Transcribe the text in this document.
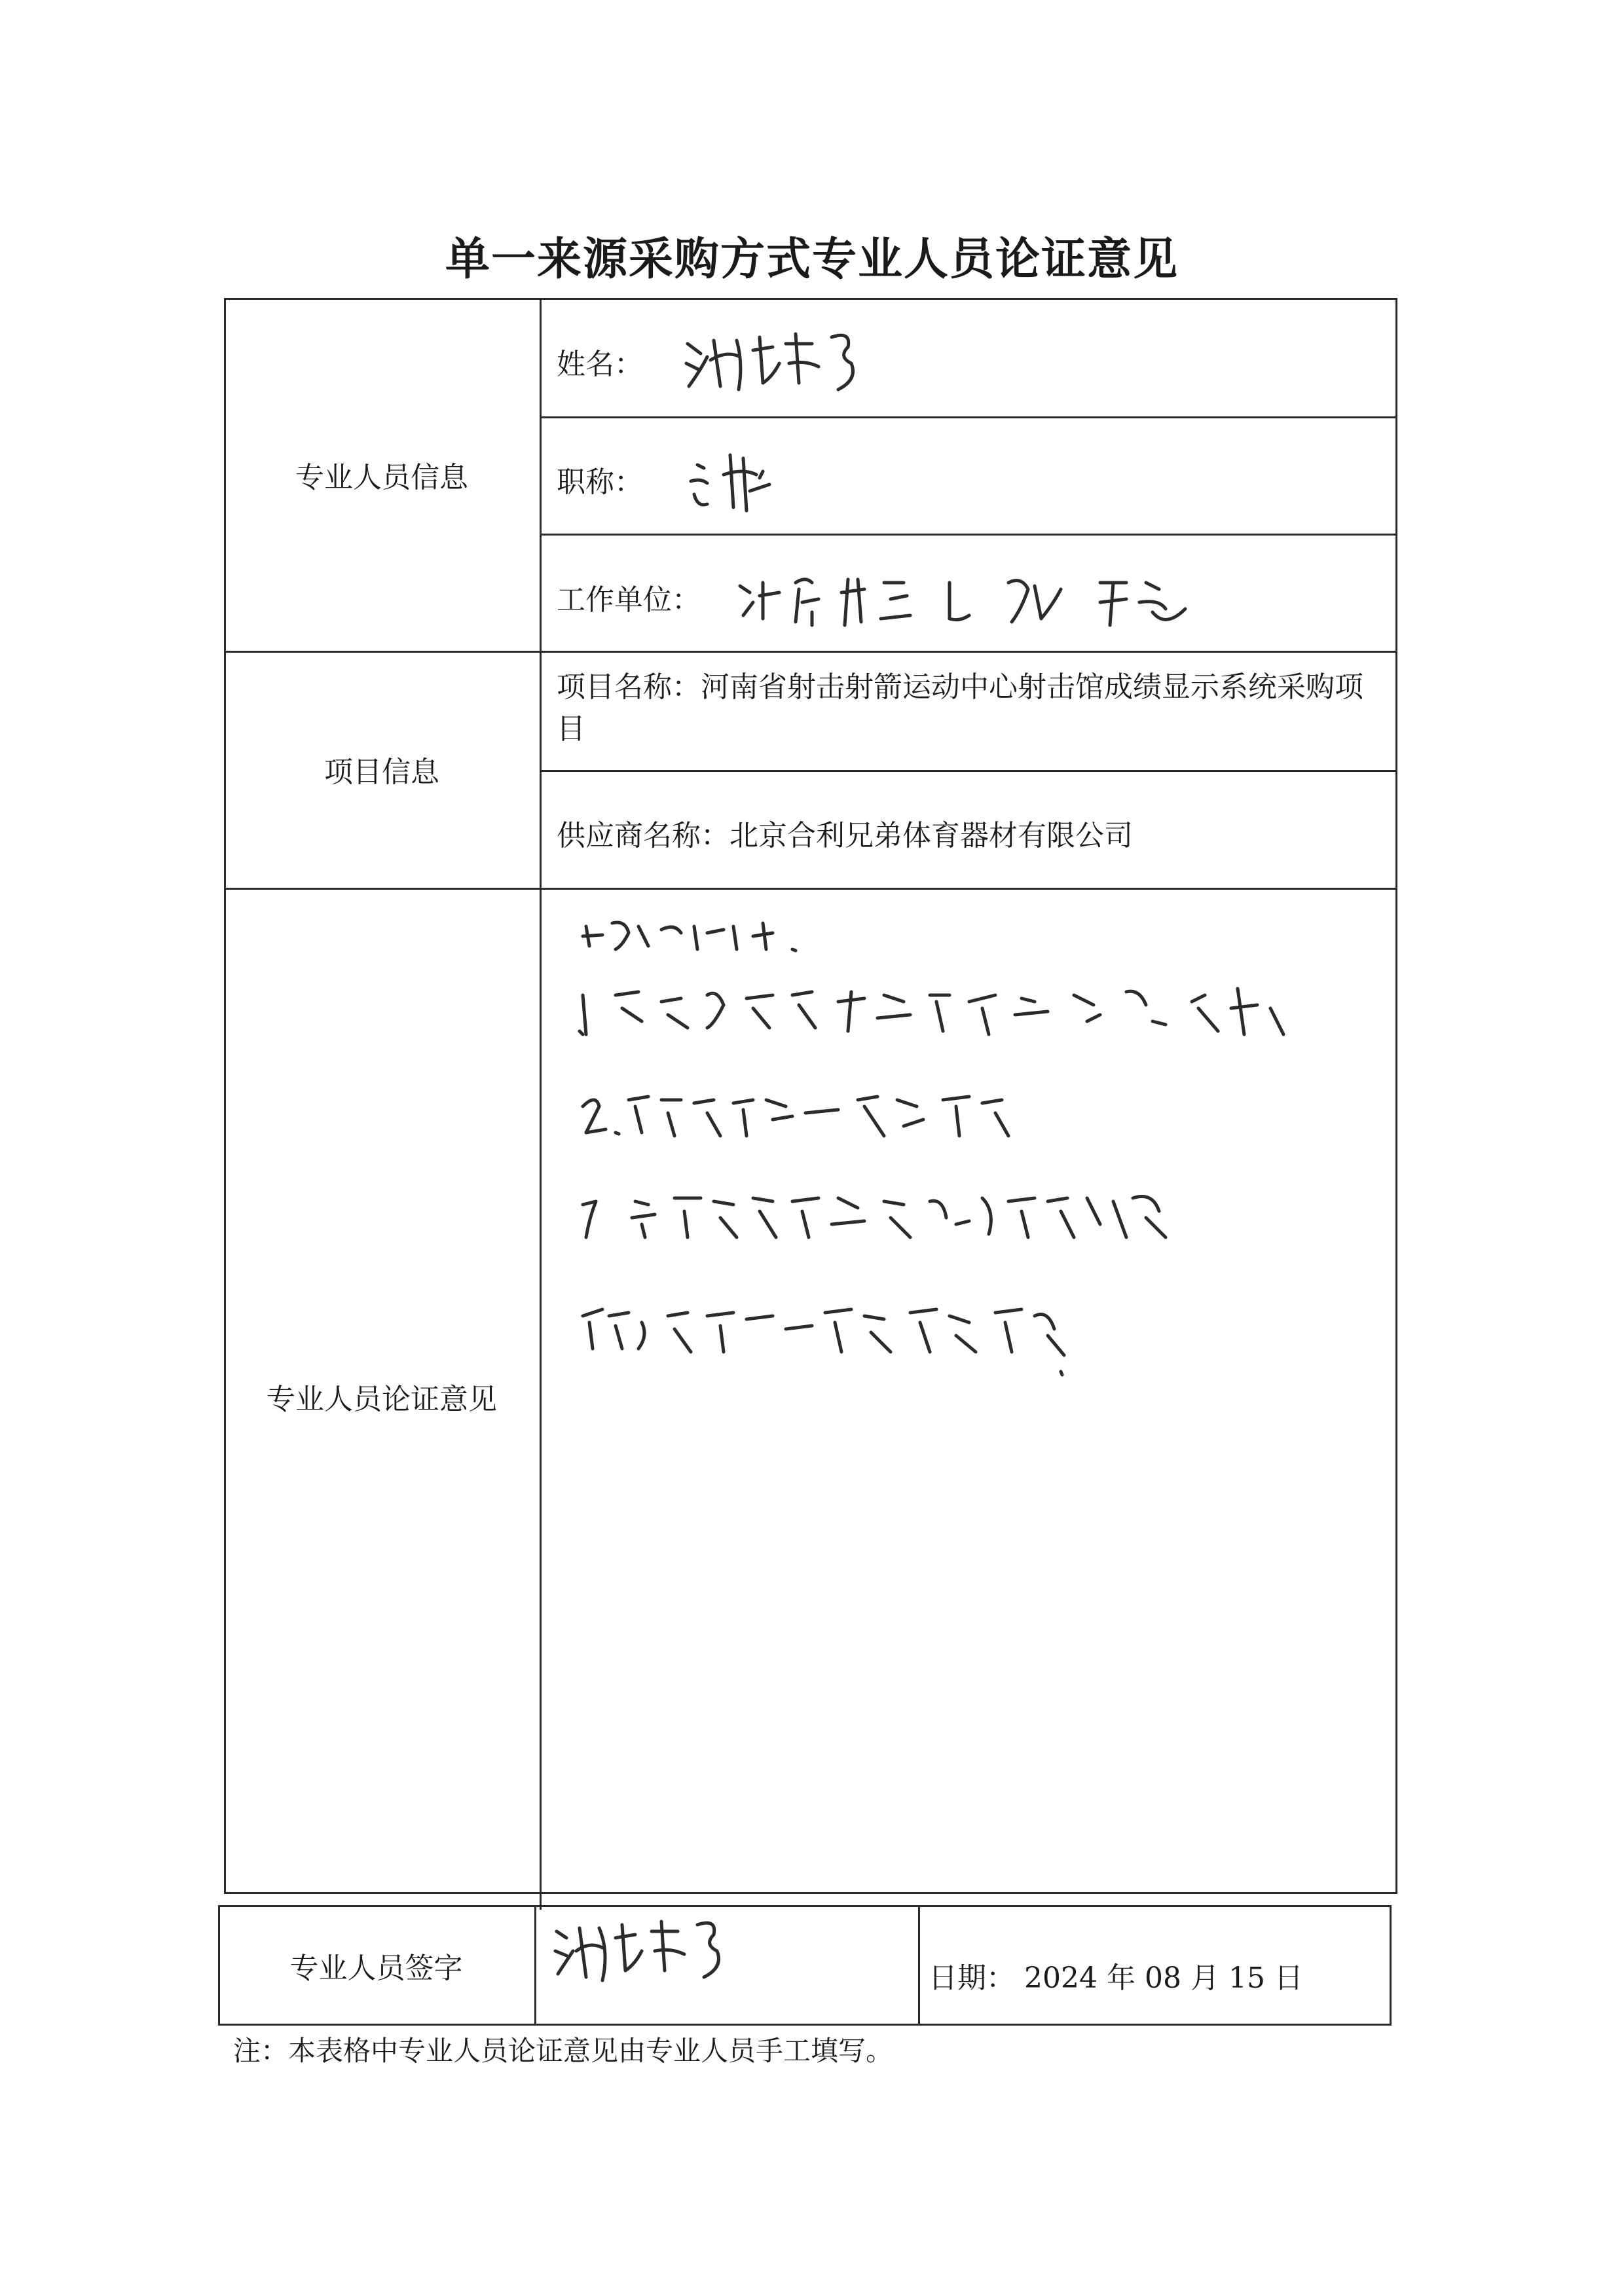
单一来源采购方式专业人员论证意见
专业人员信息
项目信息
专业人员论证意见
专业人员签字
姓名：
职称：
工作单位：
项目名称：河南省射击射箭运动中心射击馆成绩显示系统采购项目
供应商名称：北京合利兄弟体育器材有限公司
日期： 2024 年 08 月 15 日
注：本表格中专业人员论证意见由专业人员手工填写。
